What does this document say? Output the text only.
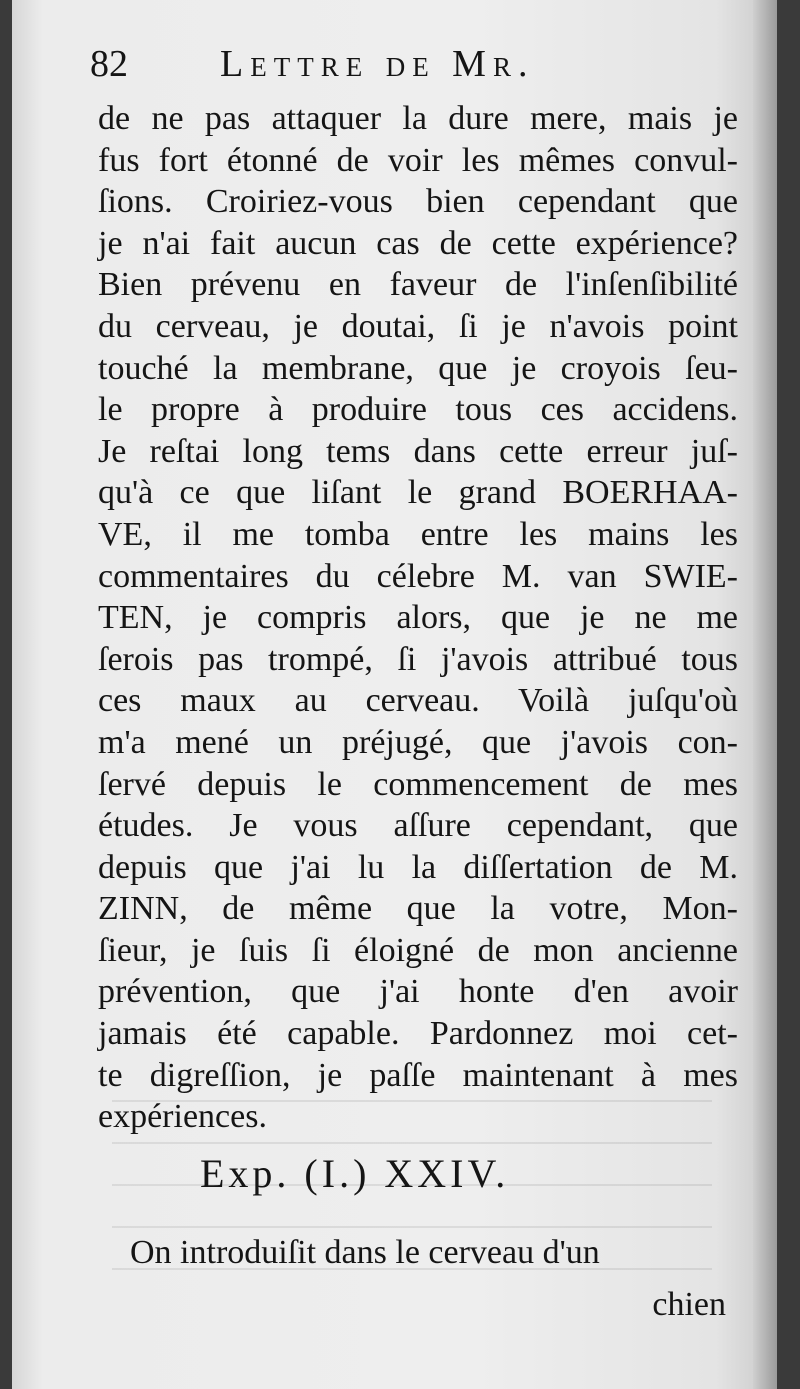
82 Lettre de Mr.
de ne pas attaquer la dure mere, mais je
fus fort étonné de voir les mêmes convul-
ſions. Croiriez-vous bien cependant que
je n'ai fait aucun cas de cette expérience?
Bien prévenu en faveur de l'inſenſibilité
du cerveau, je doutai, ſi je n'avois point
touché la membrane, que je croyois ſeu-
le propre à produire tous ces accidens.
Je reſtai long tems dans cette erreur juſ-
qu'à ce que liſant le grand BOERHAA-
VE, il me tomba entre les mains les
commentaires du célebre M. van SWIE-
TEN, je compris alors, que je ne me
ſerois pas trompé, ſi j'avois attribué tous
ces maux au cerveau. Voilà juſqu'où
m'a mené un préjugé, que j'avois con-
ſervé depuis le commencement de mes
études. Je vous aſſure cependant, que
depuis que j'ai lu la diſſertation de M.
ZINN, de même que la votre, Mon-
ſieur, je ſuis ſi éloigné de mon ancienne
prévention, que j'ai honte d'en avoir
jamais été capable. Pardonnez moi cet-
te digreſſion, je paſſe maintenant à mes
expériences.
Exp. (I.) XXIV.
On introduiſit dans le cerveau d'un
chien
